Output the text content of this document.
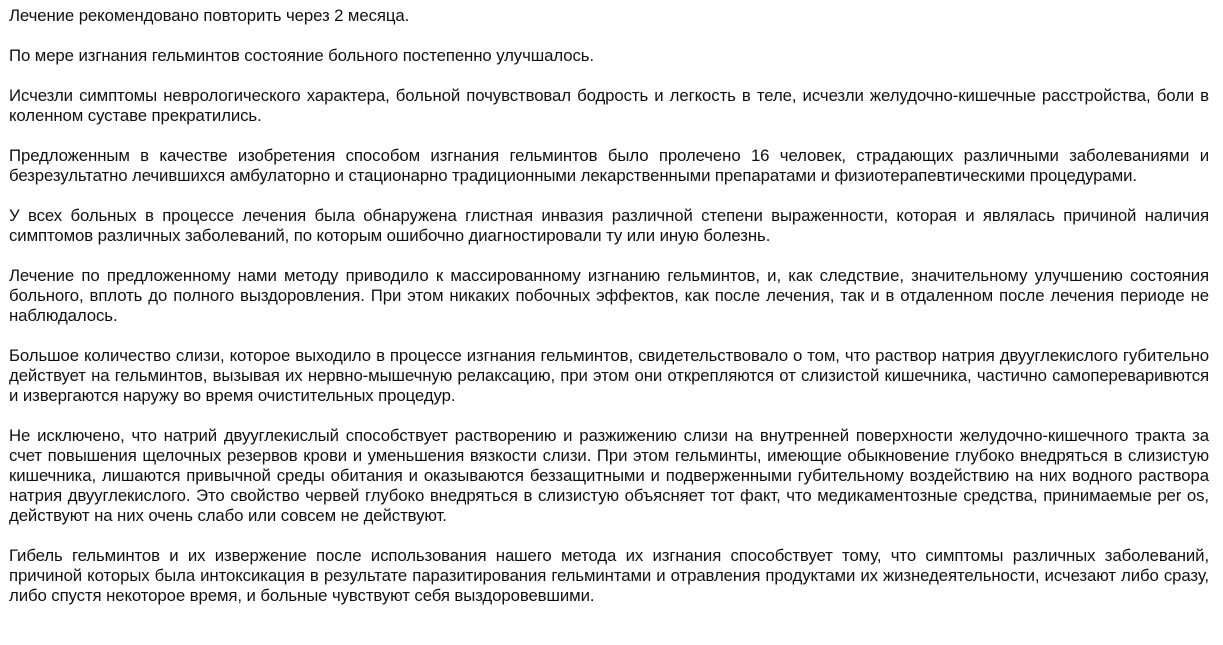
Лечение рекомендовано повторить через 2 месяца.

По мере изгнания гельминтов состояние больного постепенно улучшалось.

Исчезли симптомы неврологического характера, больной почувствовал бодрость и легкость в теле, исчезли желудочно-кишечные расстройства, боли в коленном суставе прекратились.

Предложенным в качестве изобретения способом изгнания гельминтов было пролечено 16 человек, страдающих различными заболеваниями и безрезультатно лечившихся амбулаторно и стационарно традиционными лекарственными препаратами и физиотерапевтическими процедурами.

У всех больных в процессе лечения была обнаружена глистная инвазия различной степени выраженности, которая и являлась причиной наличия симптомов различных заболеваний, по которым ошибочно диагностировали ту или иную болезнь.

Лечение по предложенному нами методу приводило к массированному изгнанию гельминтов, и, как следствие, значительному улучшению состояния больного, вплоть до полного выздоровления. При этом никаких побочных эффектов, как после лечения, так и в отдаленном после лечения периоде не наблюдалось.

Большое количество слизи, которое выходило в процессе изгнания гельминтов, свидетельствовало о том, что раствор натрия двууглекислого губительно действует на гельминтов, вызывая их нервно-мышечную релаксацию, при этом они открепляются от слизистой кишечника, частично самопереваривются и извергаются наружу во время очистительных процедур.

Не исключено, что натрий двууглекислый способствует растворению и разжижению слизи на внутренней поверхности желудочно-кишечного тракта за счет повышения щелочных резервов крови и уменьшения вязкости слизи. При этом гельминты, имеющие обыкновение глубоко внедряться в слизистую кишечника, лишаются привычной среды обитания и оказываются беззащитными и подверженными губительному воздействию на них водного раствора натрия двууглекислого. Это свойство червей глубоко внедряться в слизистую объясняет тот факт, что медикаментозные средства, принимаемые per os, действуют на них очень слабо или совсем не действуют.

Гибель гельминтов и их извержение после использования нашего метода их изгнания способствует тому, что симптомы различных заболеваний, причиной которых была интоксикация в результате паразитирования гельминтами и отравления продуктами их жизнедеятельности, исчезают либо сразу, либо спустя некоторое время, и больные чувствуют себя выздоровевшими.
